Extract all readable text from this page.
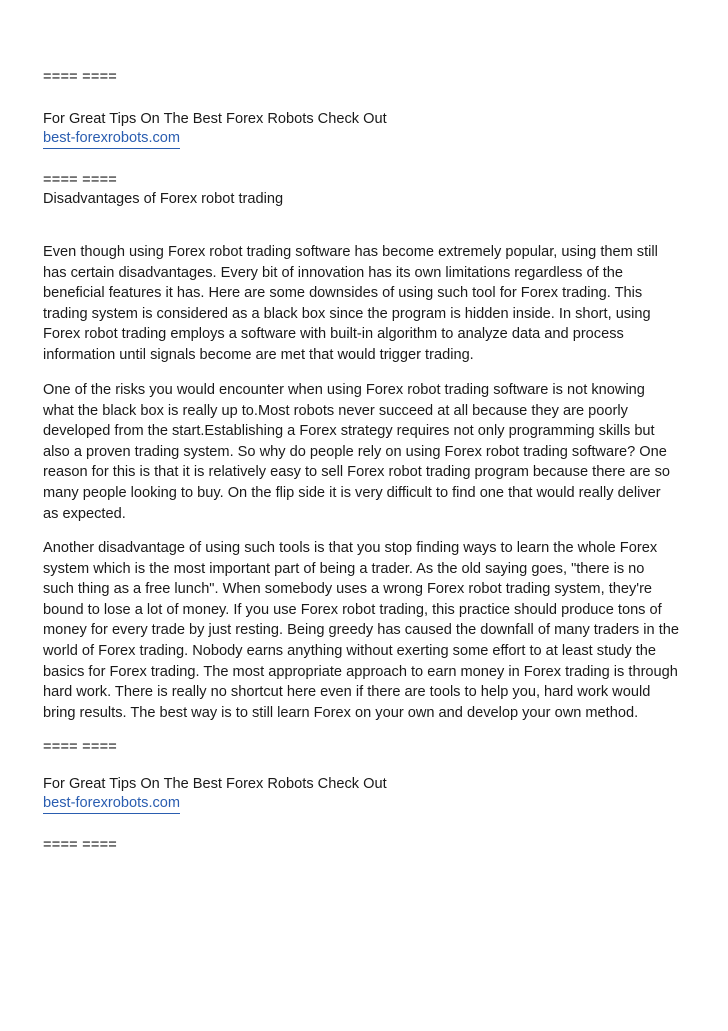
==== ====
For Great Tips On The Best Forex Robots Check Out
best-forexrobots.com
==== ====
Disadvantages of Forex robot trading
Even though using Forex robot trading software has become extremely popular, using them still
has certain disadvantages. Every bit of innovation has its own limitations regardless of the
beneficial features it has. Here are some downsides of using such tool for Forex trading. This
trading system is considered as a black box since the program is hidden inside. In short, using
Forex robot trading employs a software with built-in algorithm to analyze data and process
information until signals become are met that would trigger trading.
One of the risks you would encounter when using Forex robot trading software is not knowing
what the black box is really up to.Most robots never succeed at all because they are poorly
developed from the start.Establishing a Forex strategy requires not only programming skills but
also a proven trading system. So why do people rely on using Forex robot trading software? One
reason for this is that it is relatively easy to sell Forex robot trading program because there are so
many people looking to buy. On the flip side it is very difficult to find one that would really deliver
as expected.
Another disadvantage of using such tools is that you stop finding ways to learn the whole Forex
system which is the most important part of being a trader. As the old saying goes, "there is no
such thing as a free lunch". When somebody uses a wrong Forex robot trading system, they're
bound to lose a lot of money. If you use Forex robot trading, this practice should produce tons of
money for every trade by just resting. Being greedy has caused the downfall of many traders in the
world of Forex trading. Nobody earns anything without exerting some effort to at least study the
basics for Forex trading. The most appropriate approach to earn money in Forex trading is through
hard work. There is really no shortcut here even if there are tools to help you, hard work would
bring results. The best way is to still learn Forex on your own and develop your own method.
==== ====
For Great Tips On The Best Forex Robots Check Out
best-forexrobots.com
==== ====
